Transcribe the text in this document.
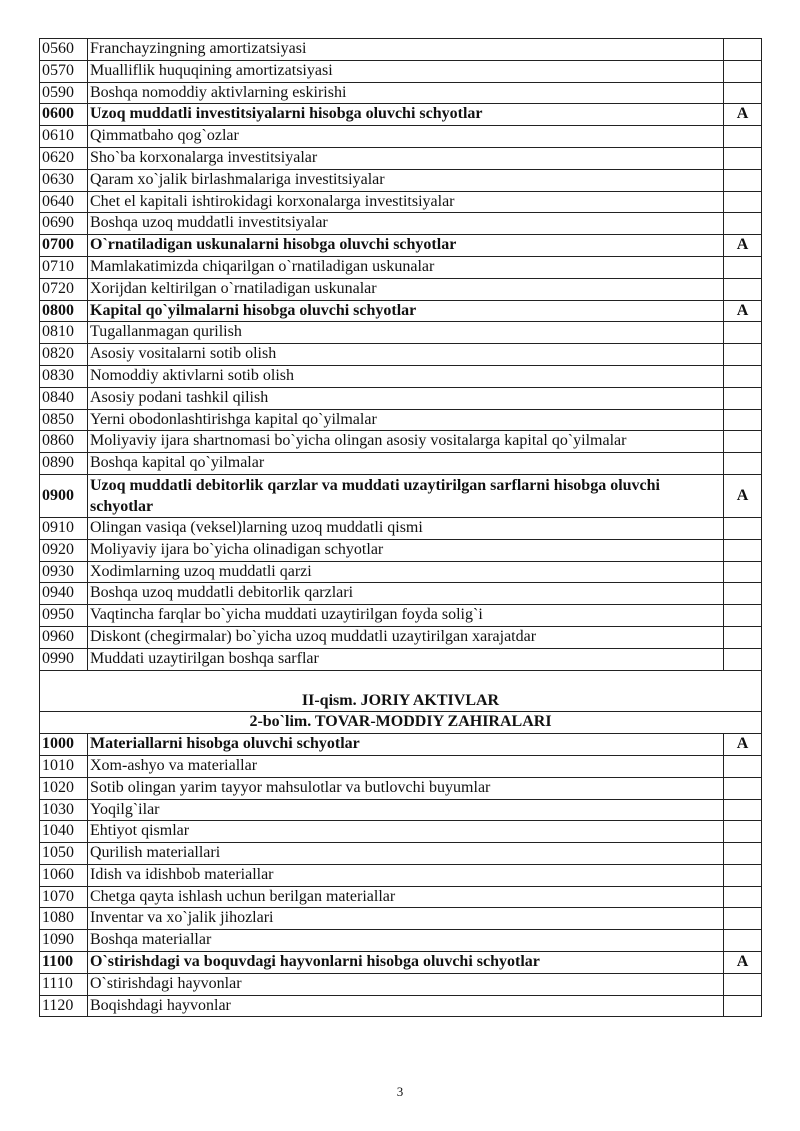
0560	Franchayzingning amortizatsiyasi	
0570	Mualliflik huquqining amortizatsiyasi	
0590	Boshqa nomoddiy aktivlarning eskirishi	
0600	Uzoq muddatli investitsiyalarni hisobga oluvchi schyotlar	A
0610	Qimmatbaho qog`ozlar	
0620	Sho`ba korxonalarga investitsiyalar	
0630	Qaram xo`jalik birlashmalariga investitsiyalar	
0640	Chet el kapitali ishtirokidagi korxonalarga investitsiyalar	
0690	Boshqa uzoq muddatli investitsiyalar	
0700	O`rnatiladigan uskunalarni hisobga oluvchi schyotlar	A
0710	Mamlakatimizda chiqarilgan o`rnatiladigan uskunalar	
0720	Xorijdan keltirilgan o`rnatiladigan uskunalar	
0800	Kapital qo`yilmalarni hisobga oluvchi schyotlar	A
0810	Tugallanmagan qurilish	
0820	Asosiy vositalarni sotib olish	
0830	Nomoddiy aktivlarni sotib olish	
0840	Asosiy podani tashkil qilish	
0850	Yerni obodonlashtirishga kapital qo`yilmalar	
0860	Moliyaviy ijara shartnomasi bo`yicha olingan asosiy vositalarga kapital qo`yilmalar	
0890	Boshqa kapital qo`yilmalar	
0900	Uzoq muddatli debitorlik qarzlar va muddati uzaytirilgan sarflarni hisobga oluvchi schyotlar	A
0910	Olingan vasiqa (veksel)larning uzoq muddatli qismi	
0920	Moliyaviy ijara bo`yicha olinadigan schyotlar	
0930	Xodimlarning uzoq muddatli qarzi	
0940	Boshqa uzoq muddatli debitorlik qarzlari	
0950	Vaqtincha farqlar bo`yicha muddati uzaytirilgan foyda solig`i	
0960	Diskont (chegirmalar) bo`yicha uzoq muddatli uzaytirilgan xarajatdar	
0990	Muddati uzaytirilgan boshqa sarflar	

II-qism. JORIY AKTIVLAR		
2-bo`lim. TOVAR-MODDIY ZAHIRALARI		
1000	Materiallarni hisobga oluvchi schyotlar	A
1010	Xom-ashyo va materiallar	
1020	Sotib olingan yarim tayyor mahsulotlar va butlovchi buyumlar	
1030	Yoqilg`ilar	
1040	Ehtiyot qismlar	
1050	Qurilish materiallari	
1060	Idish va idishbob materiallar	
1070	Chetga qayta ishlash uchun berilgan materiallar	
1080	Inventar va xo`jalik jihozlari	
1090	Boshqa materiallar	
1100	O`stirishdagi va boquvdagi hayvonlarni hisobga oluvchi schyotlar	A
1110	O`stirishdagi hayvonlar	
1120	Boqishdagi hayvonlar	
3
